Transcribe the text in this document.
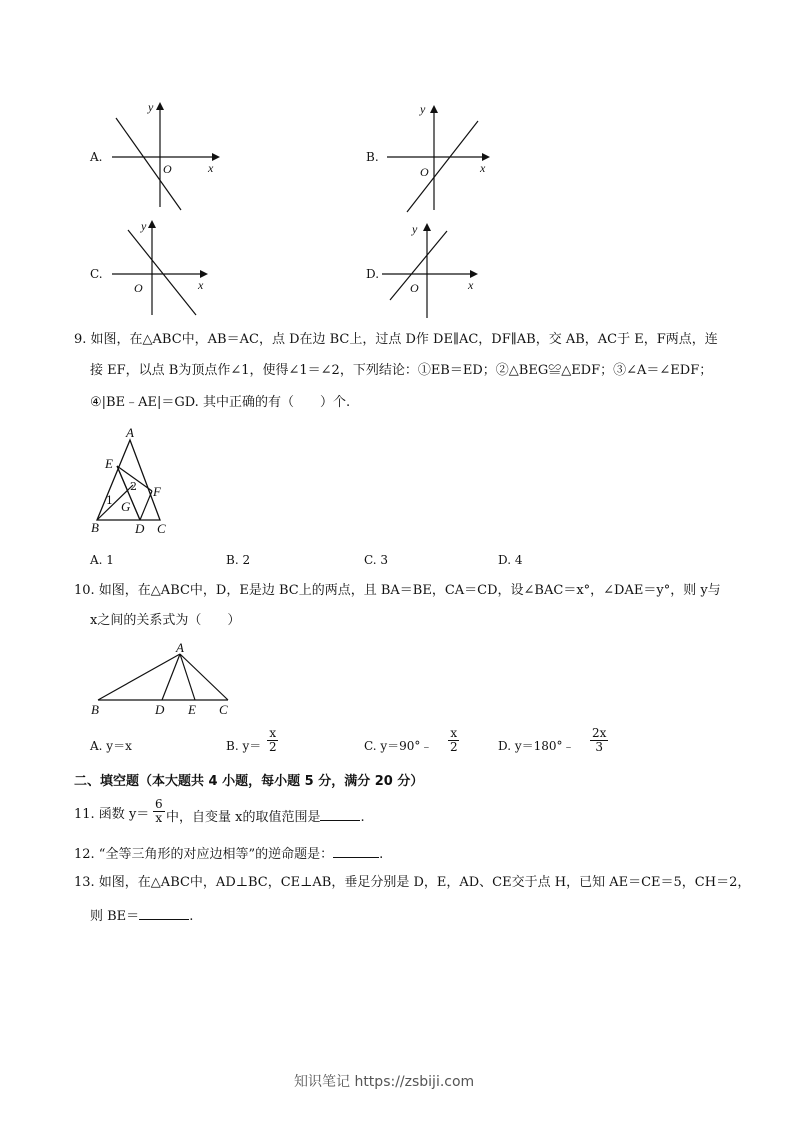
A.
y
x
O
B.
y
x
O
C.
y
x
O
D.
y
x
O
9. 如图，在△ABC中，AB＝AC，点 D在边 BC上，过点 D作 DE∥AC，DF∥AB，交 AB，AC于 E，F两点，连
接 EF，以点 B为顶点作∠1，使得∠1＝∠2，下列结论：①EB＝ED；②△BEG≌△EDF；③∠A＝∠EDF；
④|BE﹣AE|＝GD. 其中正确的有（　　）个.
A
E
F
B	D C
G
1
2
A. 1	B. 2	C. 3	D. 4
10. 如图，在△ABC中，D，E是边 BC上的两点，且 BA＝BE，CA＝CD，设∠BAC＝x°，∠DAE＝y°，则 y与
x之间的关系式为（　　）
A
B	D E C
A. y＝x	B. $y= \frac{x}{2}$	C. y＝90°﹣ $\frac{x}{2}$	D. y＝180°﹣ $\frac{2x}{3}$
二、填空题（本大题共 4 小题，每小题 5 分，满分 20 分）
11. 函数 $y= \frac{6}{x}$ 中，自变量 x的取值范围是	.
12. “全等三角形的对应边相等”的逆命题是：	.
13. 如图，在△ABC中，AD⊥BC，CE⊥AB，垂足分别是 D，E，AD、CE交于点 H，已知 AE＝CE＝5，CH＝2，
则 BE＝	.
知识笔记 https://zsbiji.com
